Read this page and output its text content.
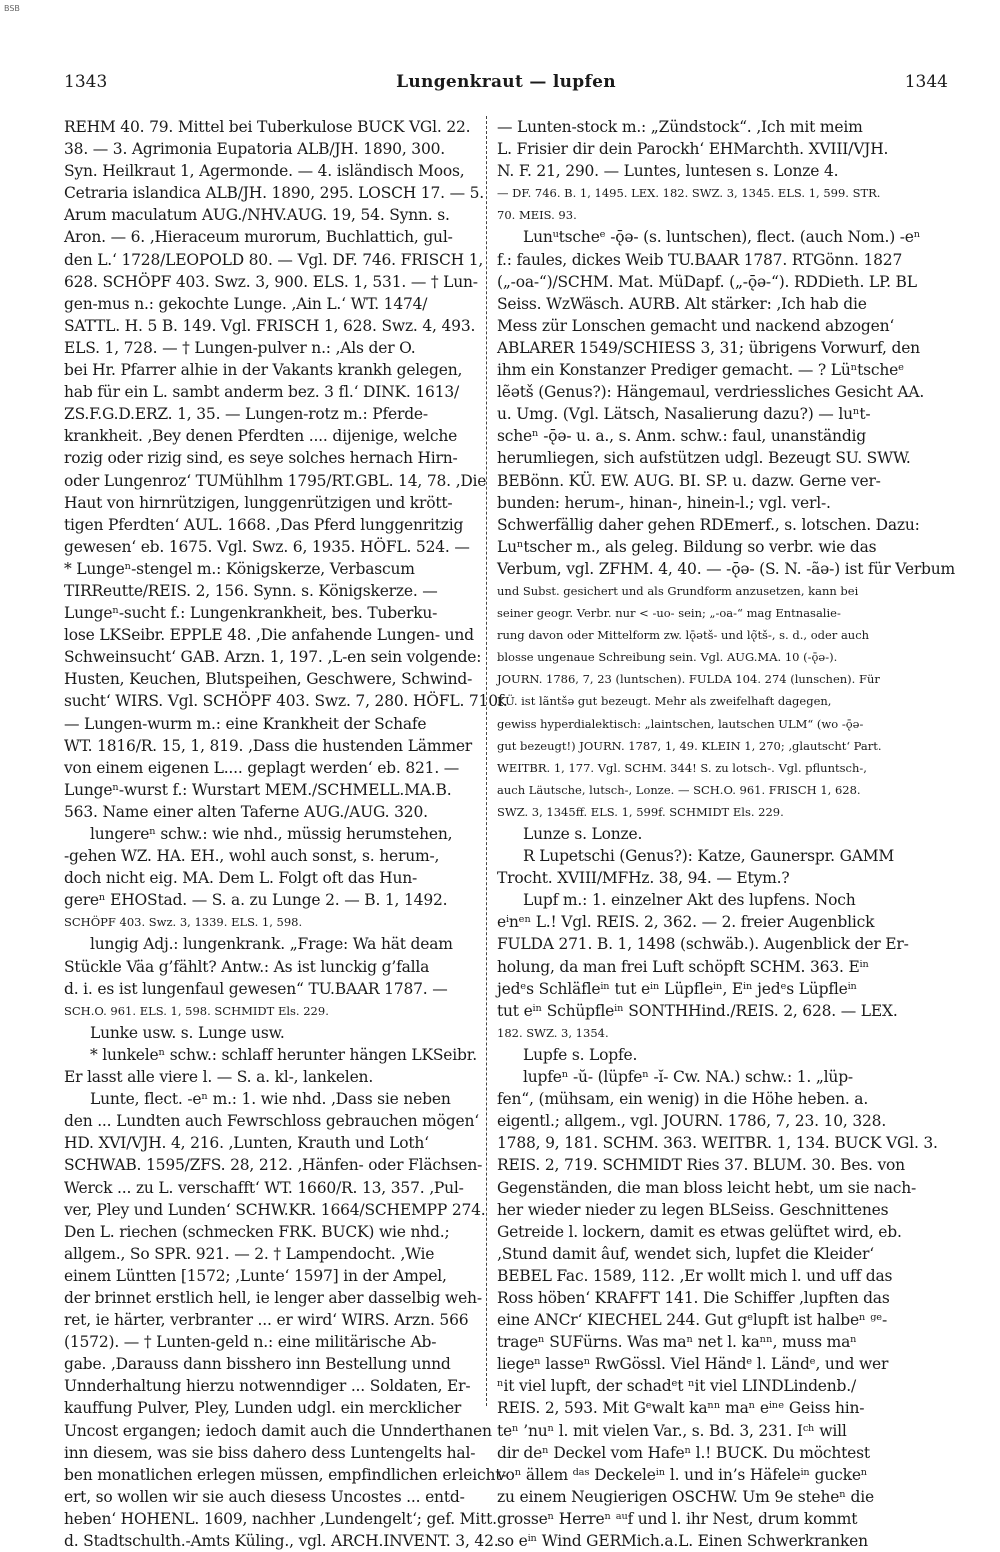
BSB
1343	Lungenkraut — lupfen	1344
REHM 40. 79. Mittel bei Tuberkulose BUCK VGl. 22.
38. — 3. Agrimonia Eupatoria ALB/JH. 1890, 300.
Syn. Heilkraut 1, Agermonde. — 4. isländisch Moos,
Cetraria islandica ALB/JH. 1890, 295. LOSCH 17. — 5.
Arum maculatum AUG./NHV.AUG. 19, 54. Synn. s.
Aron. — 6. ‚Hieraceum murorum, Buchlattich, gul-
den L.‘ 1728/LEOPOLD 80. — Vgl. DF. 746. FRISCH 1,
628. SCHÖPF 403. Swz. 3, 900. ELS. 1, 531. — † Lun-
gen-mus n.: gekochte Lunge. ‚Ain L.‘ WT. 1474/
SATTL. H. 5 B. 149. Vgl. FRISCH 1, 628. Swz. 4, 493.
ELS. 1, 728. — † Lungen-pulver n.: ‚Als der O.
bei Hr. Pfarrer alhie in der Vakants krankh gelegen,
hab für ein L. sambt anderm bez. 3 fl.‘ DINK. 1613/
ZS.F.G.D.ERZ. 1, 35. — Lungen-rotz m.: Pferde-
krankheit. ‚Bey denen Pferdten .... dijenige, welche
rozig oder rizig sind, es seye solches hernach Hirn-
oder Lungenroz‘ TUMühlhm 1795/RT.GBL. 14, 78. ‚Die
Haut von hirnrützigen, lunggenrützigen und krött-
tigen Pferdten‘ AUL. 1668. ‚Das Pferd lunggenritzig
gewesen‘ eb. 1675. Vgl. Swz. 6, 1935. HÖFL. 524. —
* Lungeⁿ-stengel m.: Königskerze, Verbascum
TIRReutte/REIS. 2, 156. Synn. s. Königskerze. —
Lungeⁿ-sucht f.: Lungenkrankheit, bes. Tuberku-
lose LKSeibr. EPPLE 48. ‚Die anfahende Lungen- und
Schweinsucht‘ GAB. Arzn. 1, 197. ‚L-en sein volgende:
Husten, Keuchen, Blutspeihen, Geschwere, Schwind-
sucht‘ WIRS. Vgl. SCHÖPF 403. Swz. 7, 280. HÖFL. 710f.
— Lungen-wurm m.: eine Krankheit der Schafe
WT. 1816/R. 15, 1, 819. ‚Dass die hustenden Lämmer
von einem eigenen L.... geplagt werden‘ eb. 821. —
Lungeⁿ-wurst f.: Wurstart MEM./SCHMELL.MA.B.
563. Name einer alten Taferne AUG./AUG. 320.
lungereⁿ schw.: wie nhd., müssig herumstehen,
-gehen WZ. HA. EH., wohl auch sonst, s. herum-,
doch nicht eig. MA. Dem L. Folgt oft das Hun-
gereⁿ EHOStad. — S. a. zu Lunge 2. — B. 1, 1492.
SCHÖPF 403. Swz. 3, 1339. ELS. 1, 598.
lungig Adj.: lungenkrank. „Frage: Wa hät deam
Stückle Väa g’fählt? Antw.: As ist lunckig g’falla
d. i. es ist lungenfaul gewesen“ TU.BAAR 1787. —
SCH.O. 961. ELS. 1, 598. SCHMIDT Els. 229.
Lunke usw. s. Lunge usw.
* lunkeleⁿ schw.: schlaff herunter hängen LKSeibr.
Er lasst alle viere l. — S. a. kl-, lankelen.
Lunte, flect. -eⁿ m.: 1. wie nhd. ‚Dass sie neben
den ... Lundten auch Fewrschloss gebrauchen mögen‘
HD. XVI/VJH. 4, 216. ‚Lunten, Krauth und Loth‘
SCHWAB. 1595/ZFS. 28, 212. ‚Hänfen- oder Flächsen-
Werck ... zu L. verschafft‘ WT. 1660/R. 13, 357. ‚Pul-
ver, Pley und Lunden‘ SCHW.KR. 1664/SCHEMPP 274.
Den L. riechen (schmecken FRK. BUCK) wie nhd.;
allgem., So SPR. 921. — 2. † Lampendocht. ‚Wie
einem Lüntten [1572; ‚Lunte‘ 1597] in der Ampel,
der brinnet erstlich hell, ie lenger aber dasselbig weh-
ret, ie härter, verbranter ... er wird‘ WIRS. Arzn. 566
(1572). — † Lunten-geld n.: eine militärische Ab-
gabe. ‚Darauss dann bisshero inn Bestellung unnd
Unnderhaltung hierzu notwenndiger ... Soldaten, Er-
kauffung Pulver, Pley, Lunden udgl. ein mercklicher
Uncost ergangen; iedoch damit auch die Unnderthanen
inn diesem, was sie biss dahero dess Luntengelts hal-
ben monatlichen erlegen müssen, empfindlichen erleicht-
ert, so wollen wir sie auch diesess Uncostes ... entd-
heben‘ HOHENL. 1609, nachher ‚Lundengelt‘; gef. Mitt.
d. Stadtschulth.-Amts Küling., vgl. ARCH.INVENT. 3, 42.
— Lunten-stock m.: „Zündstock“. ‚Ich mit meim
L. Frisier dir dein Parockh‘ EHMarchth. XVIII/VJH.
N. F. 21, 290. — Luntes, luntesen s. Lonze 4.
— DF. 746. B. 1, 1495. LEX. 182. SWZ. 3, 1345. ELS. 1, 599. STR.
70. MEIS. 93.
Lunᵘtscheᵉ -ǭə- (s. luntschen), flect. (auch Nom.) -eⁿ
f.: faules, dickes Weib TU.BAAR 1787. RTGönn. 1827
(„-oa-“)/SCHM. Mat. MüDapf. („-ǭə-“). RDDieth. LP. BL
Seiss. WzWäsch. AURB. Alt stärker: ‚Ich hab die
Mess zür Lonschen gemacht und nackend abzogen‘
ABLARER 1549/SCHIESS 3, 31; übrigens Vorwurf, den
ihm ein Konstanzer Prediger gemacht. — ? Lüⁿtscheᵉ
lẽətš (Genus?): Hängemaul, verdriessliches Gesicht AA.
u. Umg. (Vgl. Lätsch, Nasalierung dazu?) — luⁿt-
scheⁿ -ǭə- u. a., s. Anm. schw.: faul, unanständig
herumliegen, sich aufstützen udgl. Bezeugt SU. SWW.
BEBönn. KÜ. EW. AUG. BI. SP. u. dazw. Gerne ver-
bunden: herum-, hinan-, hinein-l.; vgl. verl-.
Schwerfällig daher gehen RDEmerf., s. lotschen. Dazu:
Luⁿtscher m., als geleg. Bildung so verbr. wie das
Verbum, vgl. ZFHM. 4, 40. — -ǭə- (S. N. -ãə-) ist für Verbum
und Subst. gesichert und als Grundform anzusetzen, kann bei
seiner geogr. Verbr. nur < -uo- sein; „-oa-“ mag Entnasalie-
rung davon oder Mittelform zw. lǭətš- und lǫ̃tš-, s. d., oder auch
blosse ungenaue Schreibung sein. Vgl. AUG.MA. 10 (-ǭə-).
JOURN. 1786, 7, 23 (luntschen). FULDA 104. 274 (lunschen). Für
KÜ. ist lãntšə gut bezeugt. Mehr als zweifelhaft dagegen,
gewiss hyperdialektisch: „laintschen, lautschen ULM“ (wo -ǭə-
gut bezeugt!) JOURN. 1787, 1, 49. KLEIN 1, 270; ‚glautscht‘ Part.
WEITBR. 1, 177. Vgl. SCHM. 344! S. zu lotsch-. Vgl. pfluntsch-,
auch Läutsche, lutsch-, Lonze. — SCH.O. 961. FRISCH 1, 628.
SWZ. 3, 1345ff. ELS. 1, 599f. SCHMIDT Els. 229.
Lunze s. Lonze.
R Lupetschi (Genus?): Katze, Gaunerspr. GAMM
Trocht. XVIII/MFHz. 38, 94. — Etym.?
Lupf m.: 1. einzelner Akt des lupfens. Noch
eⁱnᵉⁿ L.! Vgl. REIS. 2, 362. — 2. freier Augenblick
FULDA 271. B. 1, 1498 (schwäb.). Augenblick der Er-
holung, da man frei Luft schöpft SCHM. 363. Eⁱⁿ
jedᵉs Schläfleⁱⁿ tut eⁱⁿ Lüpfleⁱⁿ, Eⁱⁿ jedᵉs Lüpfleⁱⁿ
tut eⁱⁿ Schüpfleⁱⁿ SONTHHind./REIS. 2, 628. — LEX.
182. SWZ. 3, 1354.
Lupfe s. Lopfe.
lupfeⁿ -ŭ- (lüpfeⁿ -ĭ- Cw. NA.) schw.: 1. „lüp-
fen“, (mühsam, ein wenig) in die Höhe heben. a.
eigentl.; allgem., vgl. JOURN. 1786, 7, 23. 10, 328.
1788, 9, 181. SCHM. 363. WEITBR. 1, 134. BUCK VGl. 3.
REIS. 2, 719. SCHMIDT Ries 37. BLUM. 30. Bes. von
Gegenständen, die man bloss leicht hebt, um sie nach-
her wieder nieder zu legen BLSeiss. Geschnittenes
Getreide l. lockern, damit es etwas gelüftet wird, eb.
‚Stund damit âuf, wendet sich, lupfet die Kleider‘
BEBEL Fac. 1589, 112. ‚Er wollt mich l. und uff das
Ross höben‘ KRAFFT 141. Die Schiffer ‚lupften das
eine ANCr‘ KIECHEL 244. Gut gᵉlupft ist halbeⁿ ᵍᵉ-
trageⁿ SUFürns. Was maⁿ net l. kaⁿⁿ, muss maⁿ
liegeⁿ lasseⁿ RwGössl. Viel Händᵉ l. Ländᵉ, und wer
ⁿit viel lupft, der schadᵉt ⁿit viel LINDLindenb./
REIS. 2, 593. Mit Gᵉwalt kaⁿⁿ maⁿ eⁱⁿᵉ Geiss hin-
teⁿ ’nuⁿ l. mit vielen Var., s. Bd. 3, 231. Iᶜʰ will
dir deⁿ Deckel vom Hafeⁿ l.! BUCK. Du möchtest
voⁿ ällem ᵈᵃˢ Deckeleⁱⁿ l. und in’s Häfeleⁱⁿ guckeⁿ
zu einem Neugierigen OSCHW. Um 9e steheⁿ die
grosseⁿ Herreⁿ ᵃᵘf und l. ihr Nest, drum kommt
so eⁱⁿ Wind GERMich.a.L. Einen Schwerkranken
